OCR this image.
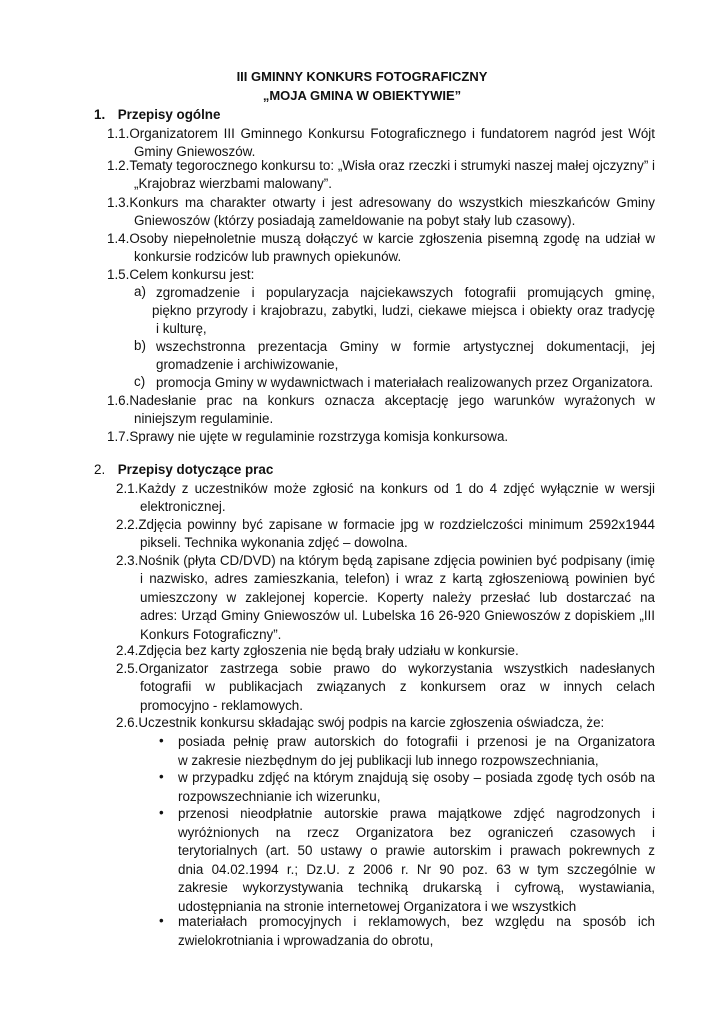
III GMINNY KONKURS FOTOGRAFICZNY
„MOJA GMINA W OBIEKTYWIE”
1. Przepisy ogólne
1.1.Organizatorem III Gminnego Konkursu Fotograficznego i fundatorem nagród jest Wójt
Gminy Gniewoszów.
1.2.Tematy tegorocznego konkursu to: „Wisła oraz rzeczki i strumyki naszej małej ojczyzny” i
„Krajobraz wierzbami malowany”.
1.3.Konkurs ma charakter otwarty i jest adresowany do wszystkich mieszkańców Gminy
Gniewoszów (którzy posiadają zameldowanie na pobyt stały lub czasowy).
1.4.Osoby niepełnoletnie muszą dołączyć w karcie zgłoszenia pisemną zgodę na udział w
konkursie rodziców lub prawnych opiekunów.
1.5.Celem konkursu jest:
a) zgromadzenie i popularyzacja najciekawszych fotografii promujących gminę,
piękno przyrody i krajobrazu, zabytki, ludzi, ciekawe miejsca i obiekty oraz tradycję
i kulturę,
b) wszechstronna prezentacja Gminy w formie artystycznej dokumentacji, jej
gromadzenie i archiwizowanie,
c) promocja Gminy w wydawnictwach i materiałach realizowanych przez Organizatora.
1.6.Nadesłanie prac na konkurs oznacza akceptację jego warunków wyrażonych w
niniejszym regulaminie.
1.7.Sprawy nie ujęte w regulaminie rozstrzyga komisja konkursowa.
2. Przepisy dotyczące prac
2.1.Każdy z uczestników może zgłosić na konkurs od 1 do 4 zdjęć wyłącznie w wersji
elektronicznej.
2.2.Zdjęcia powinny być zapisane w formacie jpg w rozdzielczości minimum 2592x1944
pikseli. Technika wykonania zdjęć – dowolna.
2.3.Nośnik (płyta CD/DVD) na którym będą zapisane zdjęcia powinien być podpisany (imię
i nazwisko, adres zamieszkania, telefon) i wraz z kartą zgłoszeniową powinien być
umieszczony w zaklejonej kopercie. Koperty należy przesłać lub dostarczać na
adres: Urząd Gminy Gniewoszów ul. Lubelska 16 26-920 Gniewoszów z dopiskiem „III
Konkurs Fotograficzny”.
2.4.Zdjęcia bez karty zgłoszenia nie będą brały udziału w konkursie.
2.5.Organizator zastrzega sobie prawo do wykorzystania wszystkich nadesłanych
fotografii w publikacjach związanych z konkursem oraz w innych celach
promocyjno - reklamowych.
2.6.Uczestnik konkursu składając swój podpis na karcie zgłoszenia oświadcza, że:
• posiada pełnię praw autorskich do fotografii i przenosi je na Organizatora
w zakresie niezbędnym do jej publikacji lub innego rozpowszechniania,
• w przypadku zdjęć na którym znajdują się osoby – posiada zgodę tych osób na
rozpowszechnianie ich wizerunku,
• przenosi nieodpłatnie autorskie prawa majątkowe zdjęć nagrodzonych i
wyróżnionych na rzecz Organizatora bez ograniczeń czasowych i
terytorialnych (art. 50 ustawy o prawie autorskim i prawach pokrewnych z
dnia 04.02.1994 r.; Dz.U. z 2006 r. Nr 90 poz. 63 w tym szczególnie w
zakresie wykorzystywania techniką drukarską i cyfrową, wystawiania,
udostępniania na stronie internetowej Organizatora i we wszystkich
• materiałach promocyjnych i reklamowych, bez względu na sposób ich
zwielokrotniania i wprowadzania do obrotu,
